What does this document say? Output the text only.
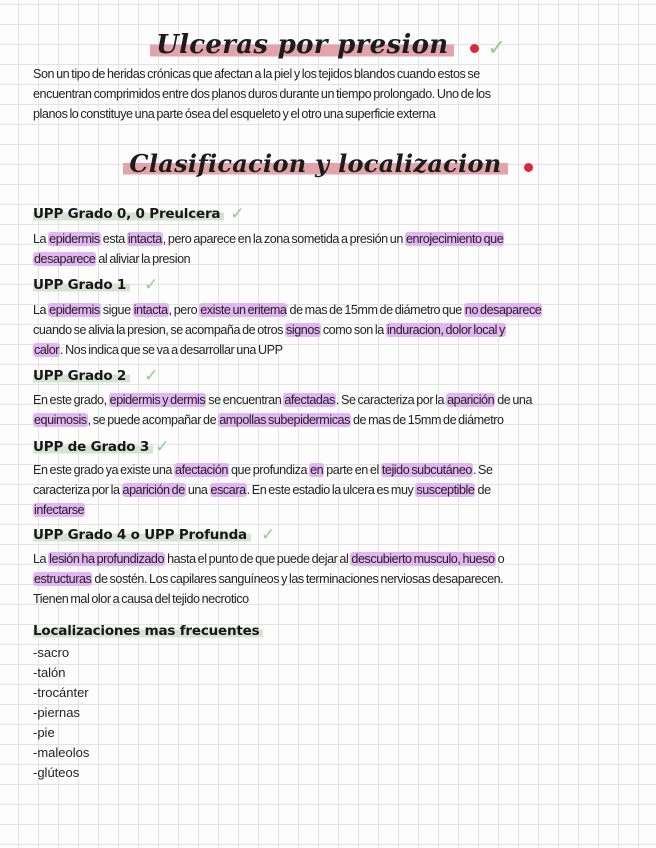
Ulceras por presion ✓
Son un tipo de heridas crónicas que afectan a la piel y los tejidos blandos cuando estos se
encuentran comprimidos entre dos planos duros durante un tiempo prolongado. Uno de los
planos lo constituye una parte ósea del esqueleto y el otro una superficie externa
Clasificacion y localizacion
UPP Grado 0, 0 Preulcera ✓
La epidermis esta intacta, pero aparece en la zona sometida a presión un enrojecimiento que
desaparece al aliviar la presion
UPP Grado 1 ✓
La epidermis sigue intacta, pero existe un eritema de mas de 15mm de diámetro que no desaparece
cuando se alivia la presion, se acompaña de otros signos como son la induracion, dolor local y
calor. Nos indica que se va a desarrollar una UPP
UPP Grado 2 ✓
En este grado, epidermis y dermis se encuentran afectadas. Se caracteriza por la aparición de una
equimosis, se puede acompañar de ampollas subepidermicas de mas de 15mm de diámetro
UPP de Grado 3 ✓
En este grado ya existe una afectación que profundiza en parte en el tejido subcutáneo. Se
caracteriza por la aparición de una escara. En este estadio la ulcera es muy susceptible de
infectarse
UPP Grado 4 o UPP Profunda ✓
La lesión ha profundizado hasta el punto de que puede dejar al descubierto musculo, hueso o
estructuras de sostén. Los capilares sanguíneos y las terminaciones nerviosas desaparecen.
Tienen mal olor a causa del tejido necrotico
Localizaciones mas frecuentes
-sacro
-talón
-trocánter
-piernas
-pie
-maleolos
-glúteos
